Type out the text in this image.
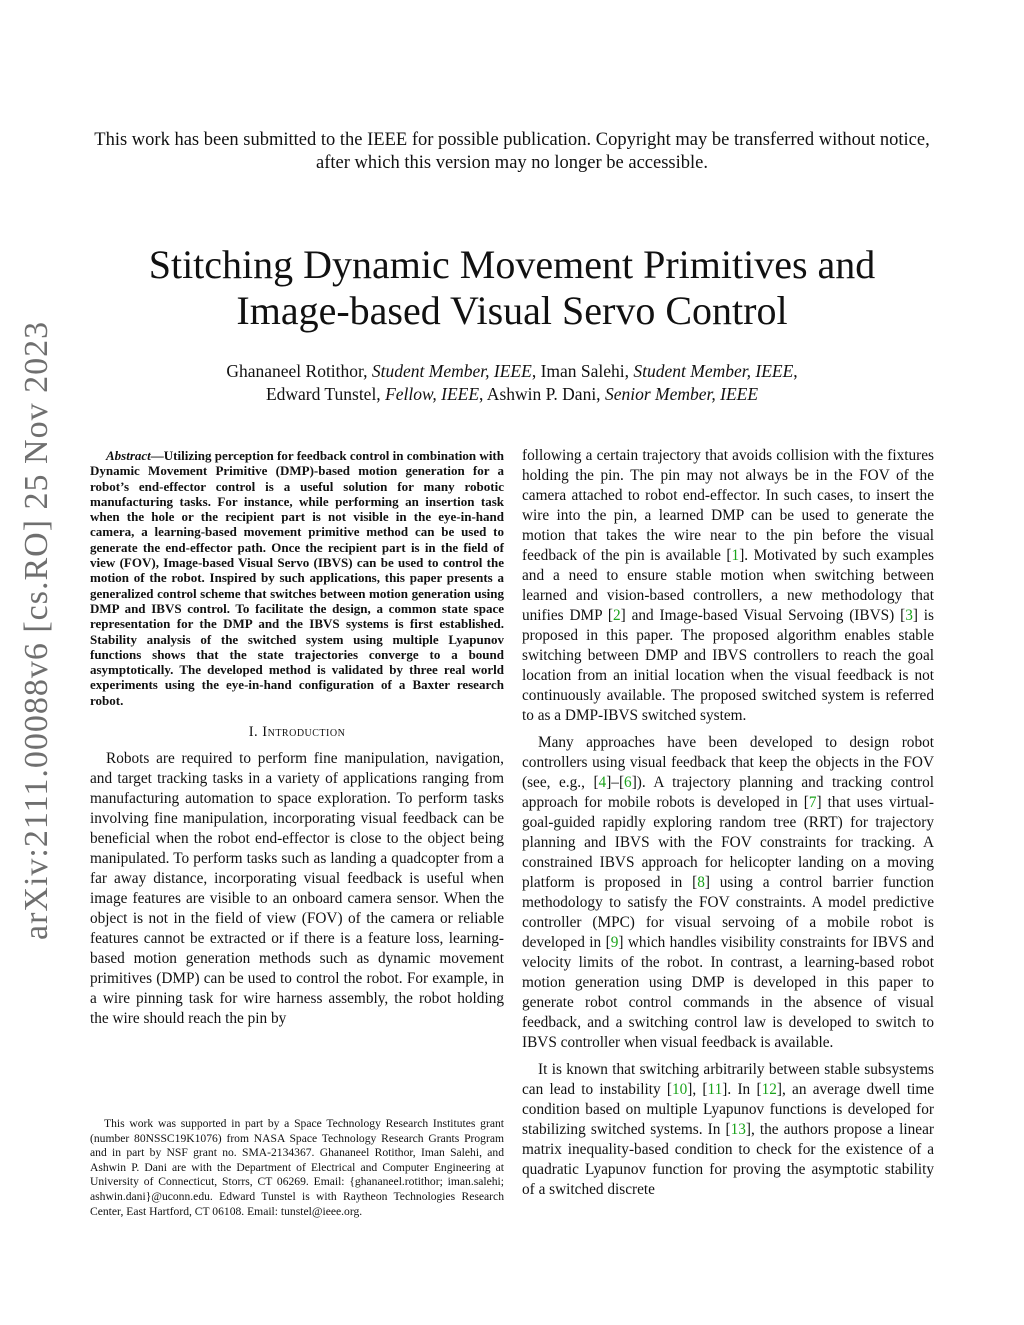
This work has been submitted to the IEEE for possible publication. Copyright may be transferred without notice, after which this version may no longer be accessible.
Stitching Dynamic Movement Primitives and
Image-based Visual Servo Control
Ghananeel Rotithor, Student Member, IEEE, Iman Salehi, Student Member, IEEE,
Edward Tunstel, Fellow, IEEE, Ashwin P. Dani, Senior Member, IEEE
arXiv:2111.00088v6 [cs.RO] 25 Nov 2023	Abstract—Utilizing perception for feedback control in combination with Dynamic Movement Primitive (DMP)-based motion generation for a robot’s end-effector control is a useful solution for many robotic manufacturing tasks. For instance, while performing an insertion task when the hole or the recipient part is not visible in the eye-in-hand camera, a learning-based movement primitive method can be used to generate the end-effector path. Once the recipient part is in the field of view (FOV), Image-based Visual Servo (IBVS) can be used to control the motion of the robot. Inspired by such applications, this paper presents a generalized control scheme that switches between motion generation using DMP and IBVS control. To facilitate the design, a common state space representation for the DMP and the IBVS systems is first established. Stability analysis of the switched system using multiple Lyapunov functions shows that the state trajectories converge to a bound asymptotically. The developed method is validated by three real world experiments using the eye-in-hand configuration of a Baxter research robot.

I. Introduction

Robots are required to perform fine manipulation, navigation, and target tracking tasks in a variety of applications ranging from manufacturing automation to space exploration. To perform tasks involving fine manipulation, incorporating visual feedback can be beneficial when the robot end-effector is close to the object being manipulated. To perform tasks such as landing a quadcopter from a far away distance, incorporating visual feedback is useful when image features are visible to an onboard camera sensor. When the object is not in the field of view (FOV) of the camera or reliable features cannot be extracted or if there is a feature loss, learning-based motion generation methods such as dynamic movement primitives (DMP) can be used to control the robot. For example, in a wire pinning task for wire harness assembly, the robot holding the wire should reach the pin by

This work was supported in part by a Space Technology Research Institutes grant (number 80NSSC19K1076) from NASA Space Technology Research Grants Program and in part by NSF grant no. SMA-2134367. Ghananeel Rotithor, Iman Salehi, and Ashwin P. Dani are with the Department of Electrical and Computer Engineering at University of Connecticut, Storrs, CT 06269. Email: {ghananeel.rotithor; iman.salehi; ashwin.dani}@uconn.edu. Edward Tunstel is with Raytheon Technologies Research Center, East Hartford, CT 06108. Email: tunstel@ieee.org.

following a certain trajectory that avoids collision with the fixtures holding the pin. The pin may not always be in the FOV of the camera attached to robot end-effector. In such cases, to insert the wire into the pin, a learned DMP can be used to generate the motion that takes the wire near to the pin before the visual feedback of the pin is available [1]. Motivated by such examples and a need to ensure stable motion when switching between learned and vision-based controllers, a new methodology that unifies DMP [2] and Image-based Visual Servoing (IBVS) [3] is proposed in this paper. The proposed algorithm enables stable switching between DMP and IBVS controllers to reach the goal location from an initial location when the visual feedback is not continuously available. The proposed switched system is referred to as a DMP-IBVS switched system.

Many approaches have been developed to design robot controllers using visual feedback that keep the objects in the FOV (see, e.g., [4]–[6]). A trajectory planning and tracking control approach for mobile robots is developed in [7] that uses virtual-goal-guided rapidly exploring random tree (RRT) for trajectory planning and IBVS with the FOV constraints for tracking. A constrained IBVS approach for helicopter landing on a moving platform is proposed in [8] using a control barrier function methodology to satisfy the FOV constraints. A model predictive controller (MPC) for visual servoing of a mobile robot is developed in [9] which handles visibility constraints for IBVS and velocity limits of the robot. In contrast, a learning-based robot motion generation using DMP is developed in this paper to generate robot control commands in the absence of visual feedback, and a switching control law is developed to switch to IBVS controller when visual feedback is available.

It is known that switching arbitrarily between stable subsystems can lead to instability [10], [11]. In [12], an average dwell time condition based on multiple Lyapunov functions is developed for stabilizing switched systems. In [13], the authors propose a linear matrix inequality-based condition to check for the existence of a quadratic Lyapunov function for proving the asymptotic stability of a switched discrete
